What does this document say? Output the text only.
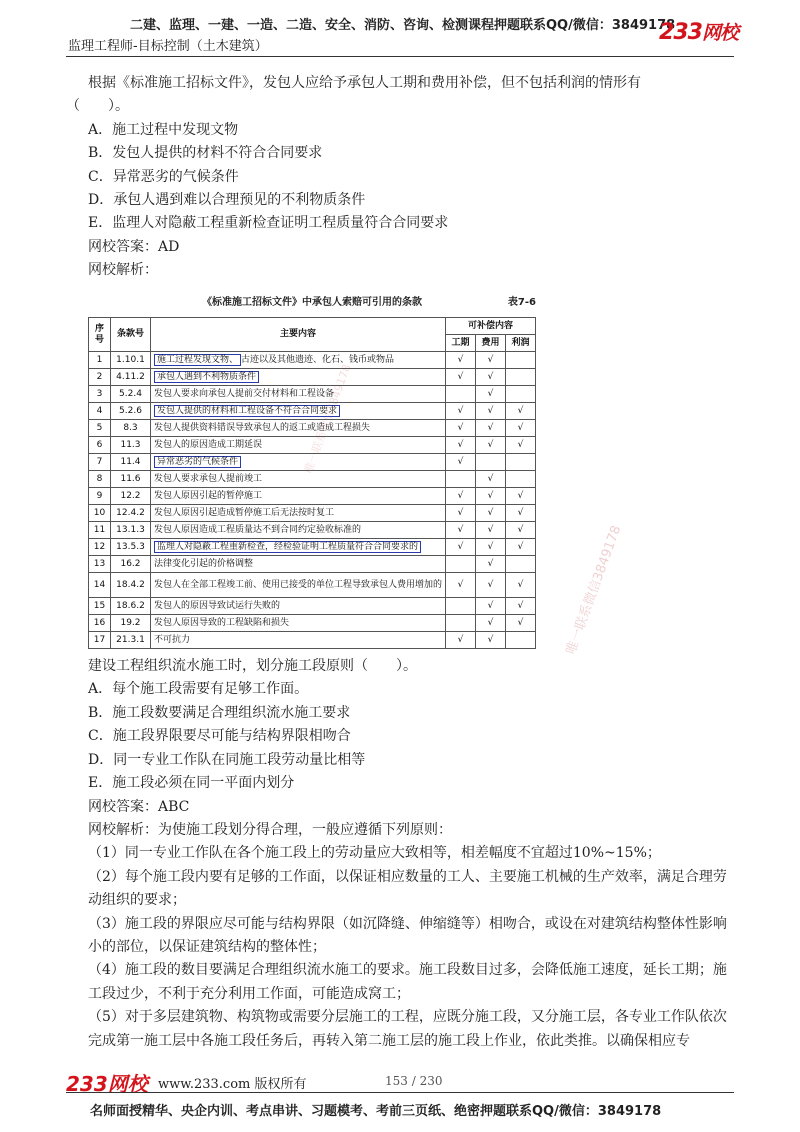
二建、监理、一建、一造、二造、安全、消防、咨询、检测课程押题联系QQ/微信：3849178
监理工程师-目标控制（土木建筑）
233网校
唯一联系微信3849178
唯一联系微信3849178

根据《标准施工招标文件》，发包人应给予承包人工期和费用补偿，但不包括利润的情形有

（　　）。

A．施工过程中发现文物

B．发包人提供的材料不符合合同要求

C．异常恶劣的气候条件

D．承包人遇到难以合理预见的不利物质条件

E．监理人对隐蔽工程重新检查证明工程质量符合合同要求

网校答案：AD

网校解析：

《标准施工招标文件》中承包人索赔可引用的条款	表7-6
序号	条款号	主要内容	可补偿内容		
			工期	费用	利润
1	1.10.1	施工过程发现文物、 古迹以及其他遗迹、化石、钱币或物品	√	√	
2	4.11.2	承包人遇到不利物质条件	√	√	
3	5.2.4	发包人要求向承包人提前交付材料和工程设备		√	
4	5.2.6	发包人提供的材料和工程设备不符合合同要求	√	√	√
5	8.3	发包人提供资料错误导致承包人的返工或造成工程损失	√	√	√
6	11.3	发包人的原因造成工期延误	√	√	√
7	11.4	异常恶劣的气候条件	√		
8	11.6	发包人要求承包人提前竣工		√	
9	12.2	发包人原因引起的暂停施工	√	√	√
10	12.4.2	发包人原因引起造成暂停施工后无法按时复工	√	√	√
11	13.1.3	发包人原因造成工程质量达不到合同约定验收标准的	√	√	√
12	13.5.3	监理人对隐蔽工程重新检查，经检验证明工程质量符合合同要求的	√	√	√
13	16.2	法律变化引起的价格调整		√	
14	18.4.2	发包人在全部工程竣工前、使用已接受的单位工程导致承包人费用增加的	√	√	√
15	18.6.2	发包人的原因导致试运行失败的		√	√
16	19.2	发包人原因导致的工程缺陷和损失		√	√
17	21.3.1	不可抗力	√	√	

建设工程组织流水施工时，划分施工段原则（　　）。

A．每个施工段需要有足够工作面。

B．施工段数要满足合理组织流水施工要求

C．施工段界限要尽可能与结构界限相吻合

D．同一专业工作队在同施工段劳动量比相等

E．施工段必须在同一平面内划分

网校答案：ABC

网校解析：为使施工段划分得合理，一般应遵循下列原则：

（1）同一专业工作队在各个施工段上的劳动量应大致相等，相差幅度不宜超过10%~15%；

（2）每个施工段内要有足够的工作面，以保证相应数量的工人、主要施工机械的生产效率，满足合理劳动组织的要求；

（3）施工段的界限应尽可能与结构界限（如沉降缝、伸缩缝等）相吻合，或设在对建筑结构整体性影响小的部位，以保证建筑结构的整体性；

（4）施工段的数目要满足合理组织流水施工的要求。施工段数目过多，会降低施工速度，延长工期；施工段过少，不利于充分利用工作面，可能造成窝工；

（5）对于多层建筑物、构筑物或需要分层施工的工程，应既分施工段，又分施工层，各专业工作队依次完成第一施工层中各施工段任务后，再转入第二施工层的施工段上作业，依此类推。以确保相应专

233网校 www.233.com 版权所有	153 / 230
名师面授精华、央企内训、考点串讲、习题模考、考前三页纸、绝密押题联系QQ/微信：3849178
